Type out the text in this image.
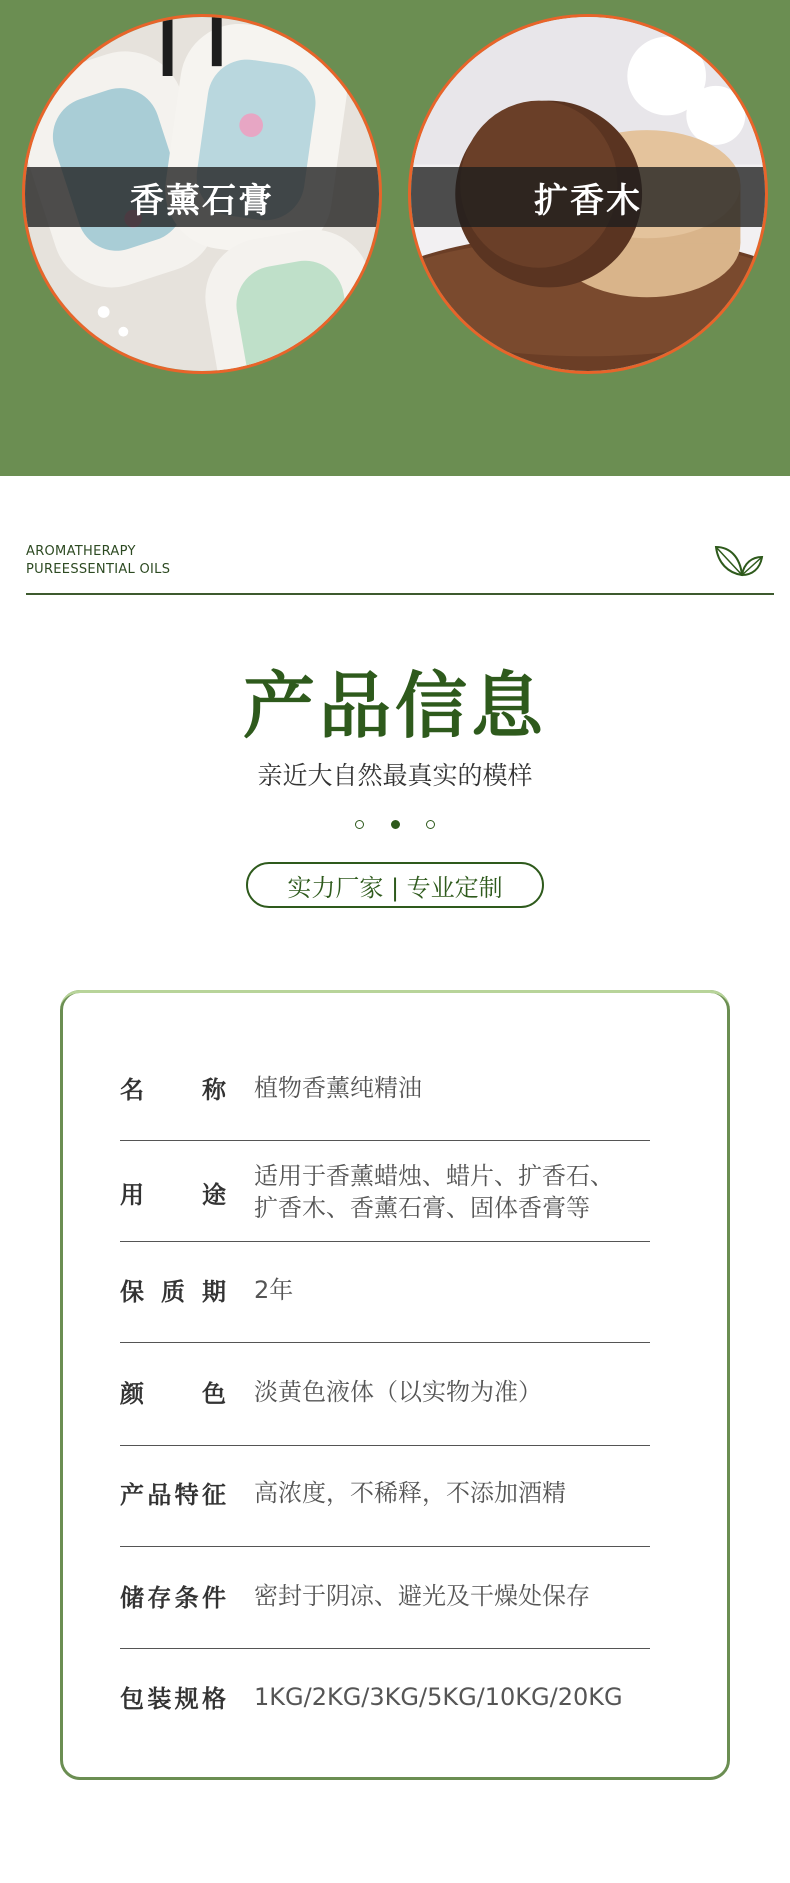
香薰石膏	扩香木
AROMATHERAPY
PUREESSENTIAL OILS
产品信息
亲近大自然最真实的模样
实力厂家 | 专业定制
名称 植物香薰纯精油
用途
适用于香薰蜡烛、蜡片、扩香石、
扩香木、香薰石膏、固体香膏等
保质期 2年
颜色 淡黄色液体（以实物为准）
产品特征 高浓度，不稀释，不添加酒精
储存条件 密封于阴凉、避光及干燥处保存
包装规格 1KG/2KG/3KG/5KG/10KG/20KG
